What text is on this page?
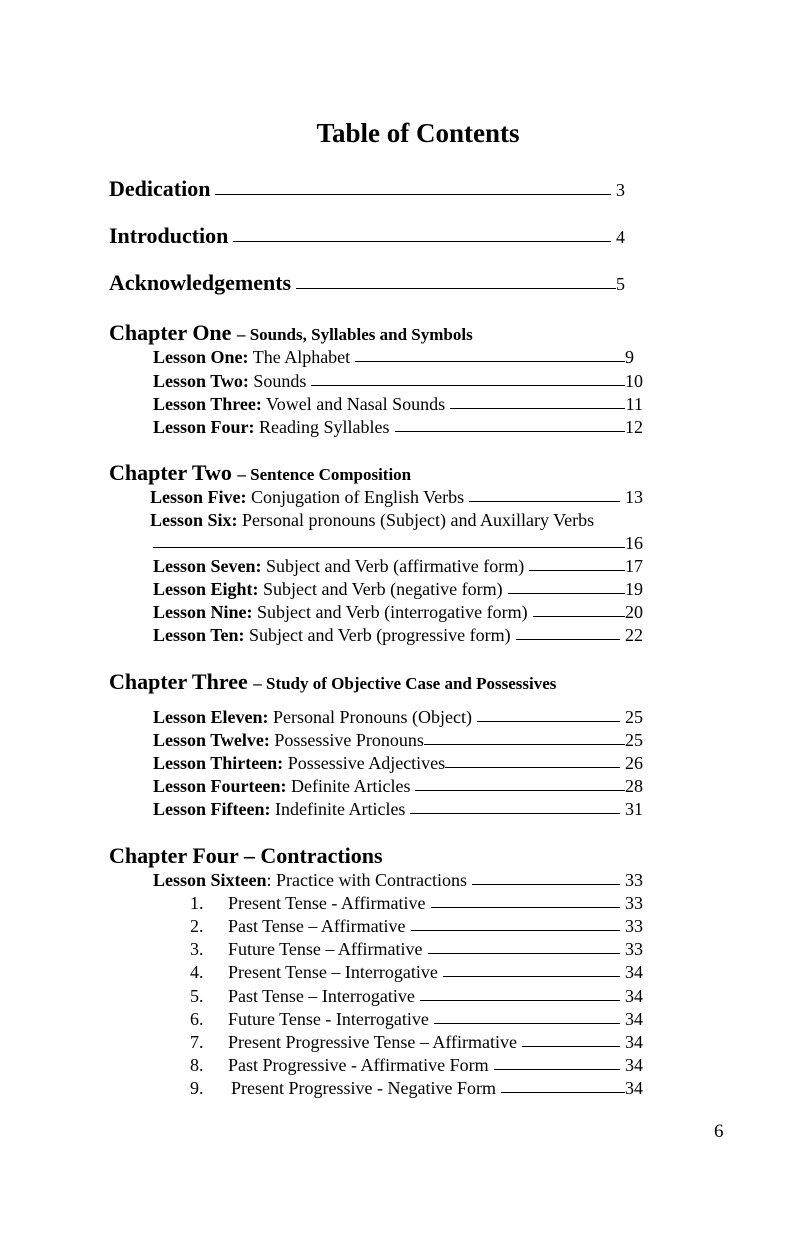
Table of Contents
Dedication	3
Introduction	4
Acknowledgements	5
Chapter One – Sounds, Syllables and Symbols
Lesson One: The Alphabet	9
Lesson Two: Sounds	10
Lesson Three: Vowel and Nasal Sounds	11
Lesson Four: Reading Syllables	12
Chapter Two – Sentence Composition
Lesson Five: Conjugation of English Verbs	13
Lesson Six: Personal pronouns (Subject) and Auxillary Verbs
16
Lesson Seven: Subject and Verb (affirmative form)	17
Lesson Eight: Subject and Verb (negative form)	19
Lesson Nine: Subject and Verb (interrogative form)	20
Lesson Ten: Subject and Verb (progressive form)	22
Chapter Three – Study of Objective Case and Possessives
Lesson Eleven: Personal Pronouns (Object)	25
Lesson Twelve: Possessive Pronouns	25
Lesson Thirteen: Possessive Adjectives	26
Lesson Fourteen: Definite Articles	28
Lesson Fifteen: Indefinite Articles	31
Chapter Four – Contractions
Lesson Sixteen: Practice with Contractions	33
1. Present Tense - Affirmative	33
2. Past Tense – Affirmative	33
3. Future Tense – Affirmative	33
4. Present Tense – Interrogative	34
5. Past Tense – Interrogative	34
6. Future Tense - Interrogative	34
7. Present Progressive Tense – Affirmative	34
8. Past Progressive - Affirmative Form	34
9. Present Progressive - Negative Form	34
6
